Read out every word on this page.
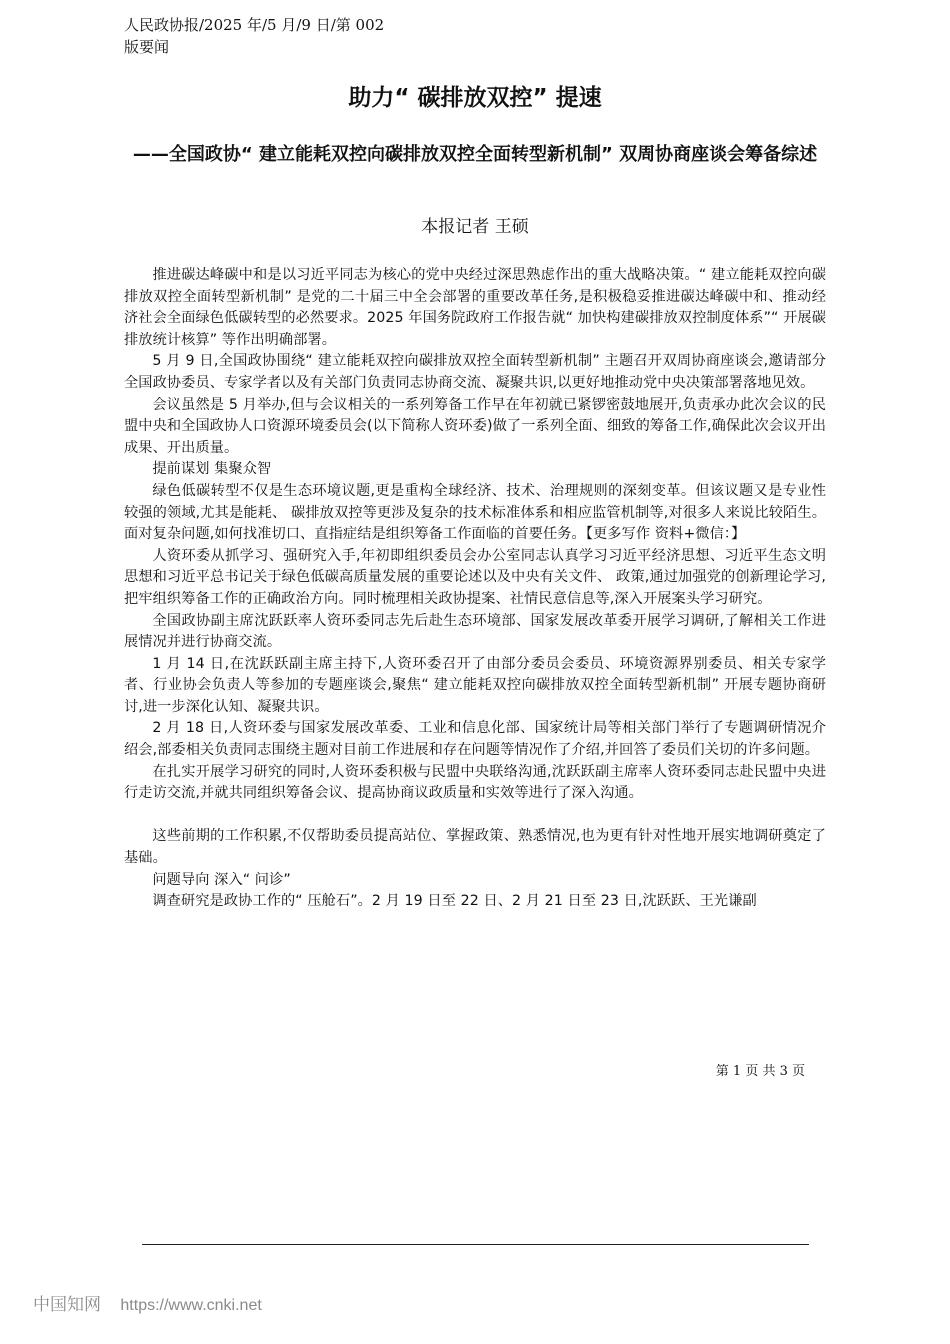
人民政协报/2025 年/5 月/9 日/第 002
版要闻
助力“ 碳排放双控” 提速
——全国政协“ 建立能耗双控向碳排放双控全面转型新机制” 双周协商座谈会筹备综述
本报记者 王硕

推进碳达峰碳中和是以习近平同志为核心的党中央经过深思熟虑作出的重大战略决策。“ 建立能耗双控向碳排放双控全面转型新机制” 是党的二十届三中全会部署的重要改革任务,是积极稳妥推进碳达峰碳中和、推动经济社会全面绿色低碳转型的必然要求。2025 年国务院政府工作报告就“ 加快构建碳排放双控制度体系”“ 开展碳排放统计核算” 等作出明确部署。

5 月 9 日,全国政协围绕“ 建立能耗双控向碳排放双控全面转型新机制” 主题召开双周协商座谈会,邀请部分全国政协委员、专家学者以及有关部门负责同志协商交流、凝聚共识,以更好地推动党中央决策部署落地见效。

会议虽然是 5 月举办,但与会议相关的一系列筹备工作早在年初就已紧锣密鼓地展开,负责承办此次会议的民盟中央和全国政协人口资源环境委员会(以下简称人资环委)做了一系列全面、细致的筹备工作,确保此次会议开出成果、开出质量。

提前谋划 集聚众智

绿色低碳转型不仅是生态环境议题,更是重构全球经济、技术、治理规则的深刻变革。但该议题又是专业性较强的领域,尤其是能耗、 碳排放双控等更涉及复杂的技术标准体系和相应监管机制等,对很多人来说比较陌生。面对复杂问题,如何找准切口、直指症结是组织筹备工作面临的首要任务。【更多写作 资料+微信：】

人资环委从抓学习、强研究入手,年初即组织委员会办公室同志认真学习习近平经济思想、习近平生态文明思想和习近平总书记关于绿色低碳高质量发展的重要论述以及中央有关文件、 政策,通过加强党的创新理论学习,把牢组织筹备工作的正确政治方向。同时梳理相关政协提案、社情民意信息等,深入开展案头学习研究。

全国政协副主席沈跃跃率人资环委同志先后赴生态环境部、国家发展改革委开展学习调研,了解相关工作进展情况并进行协商交流。

1 月 14 日,在沈跃跃副主席主持下,人资环委召开了由部分委员会委员、环境资源界别委员、相关专家学者、行业协会负责人等参加的专题座谈会,聚焦“ 建立能耗双控向碳排放双控全面转型新机制” 开展专题协商研讨,进一步深化认知、凝聚共识。

2 月 18 日,人资环委与国家发展改革委、工业和信息化部、国家统计局等相关部门举行了专题调研情况介绍会,部委相关负责同志围绕主题对目前工作进展和存在问题等情况作了介绍,并回答了委员们关切的许多问题。

在扎实开展学习研究的同时,人资环委积极与民盟中央联络沟通,沈跃跃副主席率人资环委同志赴民盟中央进行走访交流,并就共同组织筹备会议、提高协商议政质量和实效等进行了深入沟通。

这些前期的工作积累,不仅帮助委员提高站位、掌握政策、熟悉情况,也为更有针对性地开展实地调研奠定了基础。

问题导向 深入“ 问诊”

调查研究是政协工作的“ 压舱石”。2 月 19 日至 22 日、2 月 21 日至 23 日,沈跃跃、王光谦副

第 1 页 共 3 页
中国知网 https://www.cnki.net
